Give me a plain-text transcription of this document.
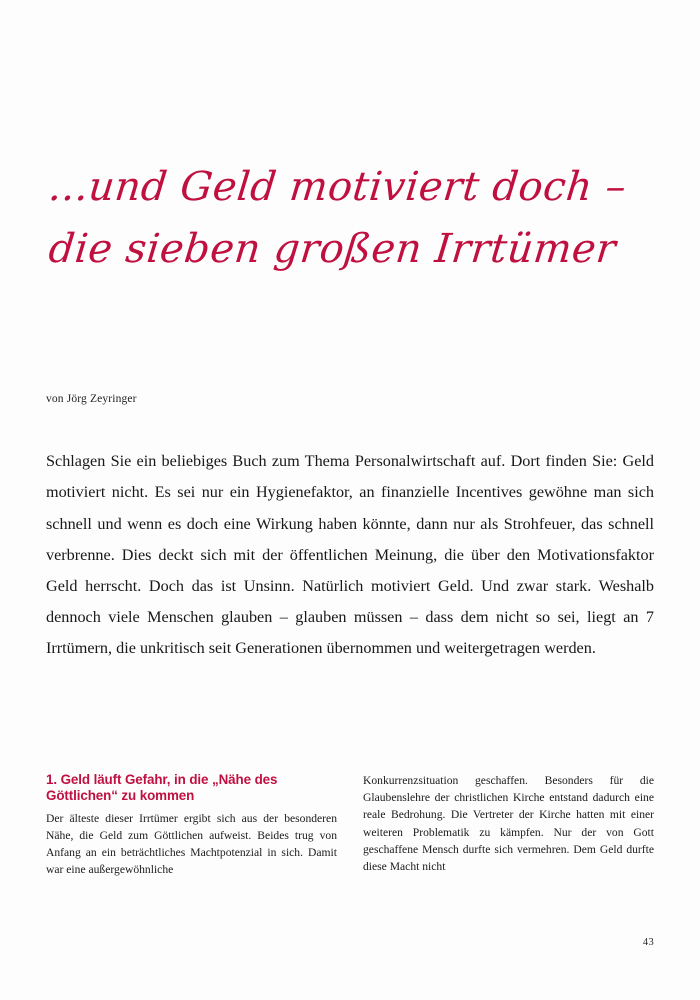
...und Geld motiviert doch –
die sieben großen Irrtümer
von Jörg Zeyringer

Schlagen Sie ein beliebiges Buch zum Thema Personalwirtschaft auf. Dort finden Sie: Geld motiviert nicht. Es sei nur ein Hygienefaktor, an finanzielle Incentives gewöhne man sich schnell und wenn es doch eine Wirkung haben könnte, dann nur als Strohfeuer, das schnell verbrenne. Dies deckt sich mit der öffentlichen Meinung, die über den Motivationsfaktor Geld herrscht. Doch das ist Unsinn. Natürlich motiviert Geld. Und zwar stark. Weshalb dennoch viele Menschen glauben – glauben müssen – dass dem nicht so sei, liegt an 7 Irrtümern, die unkritisch seit Generationen übernommen und weitergetragen werden.

1. Geld läuft Gefahr, in die „Nähe des Göttlichen“ zu kommen

Der älteste dieser Irrtümer ergibt sich aus der besonderen Nähe, die Geld zum Göttlichen aufweist. Beides trug von Anfang an ein beträchtliches Machtpotenzial in sich. Damit war eine außergewöhnliche

Konkurrenzsituation geschaffen. Besonders für die Glaubenslehre der christlichen Kirche entstand dadurch eine reale Bedrohung. Die Vertreter der Kirche hatten mit einer weiteren Problematik zu kämpfen. Nur der von Gott geschaffene Mensch durfte sich vermehren. Dem Geld durfte diese Macht nicht

43
